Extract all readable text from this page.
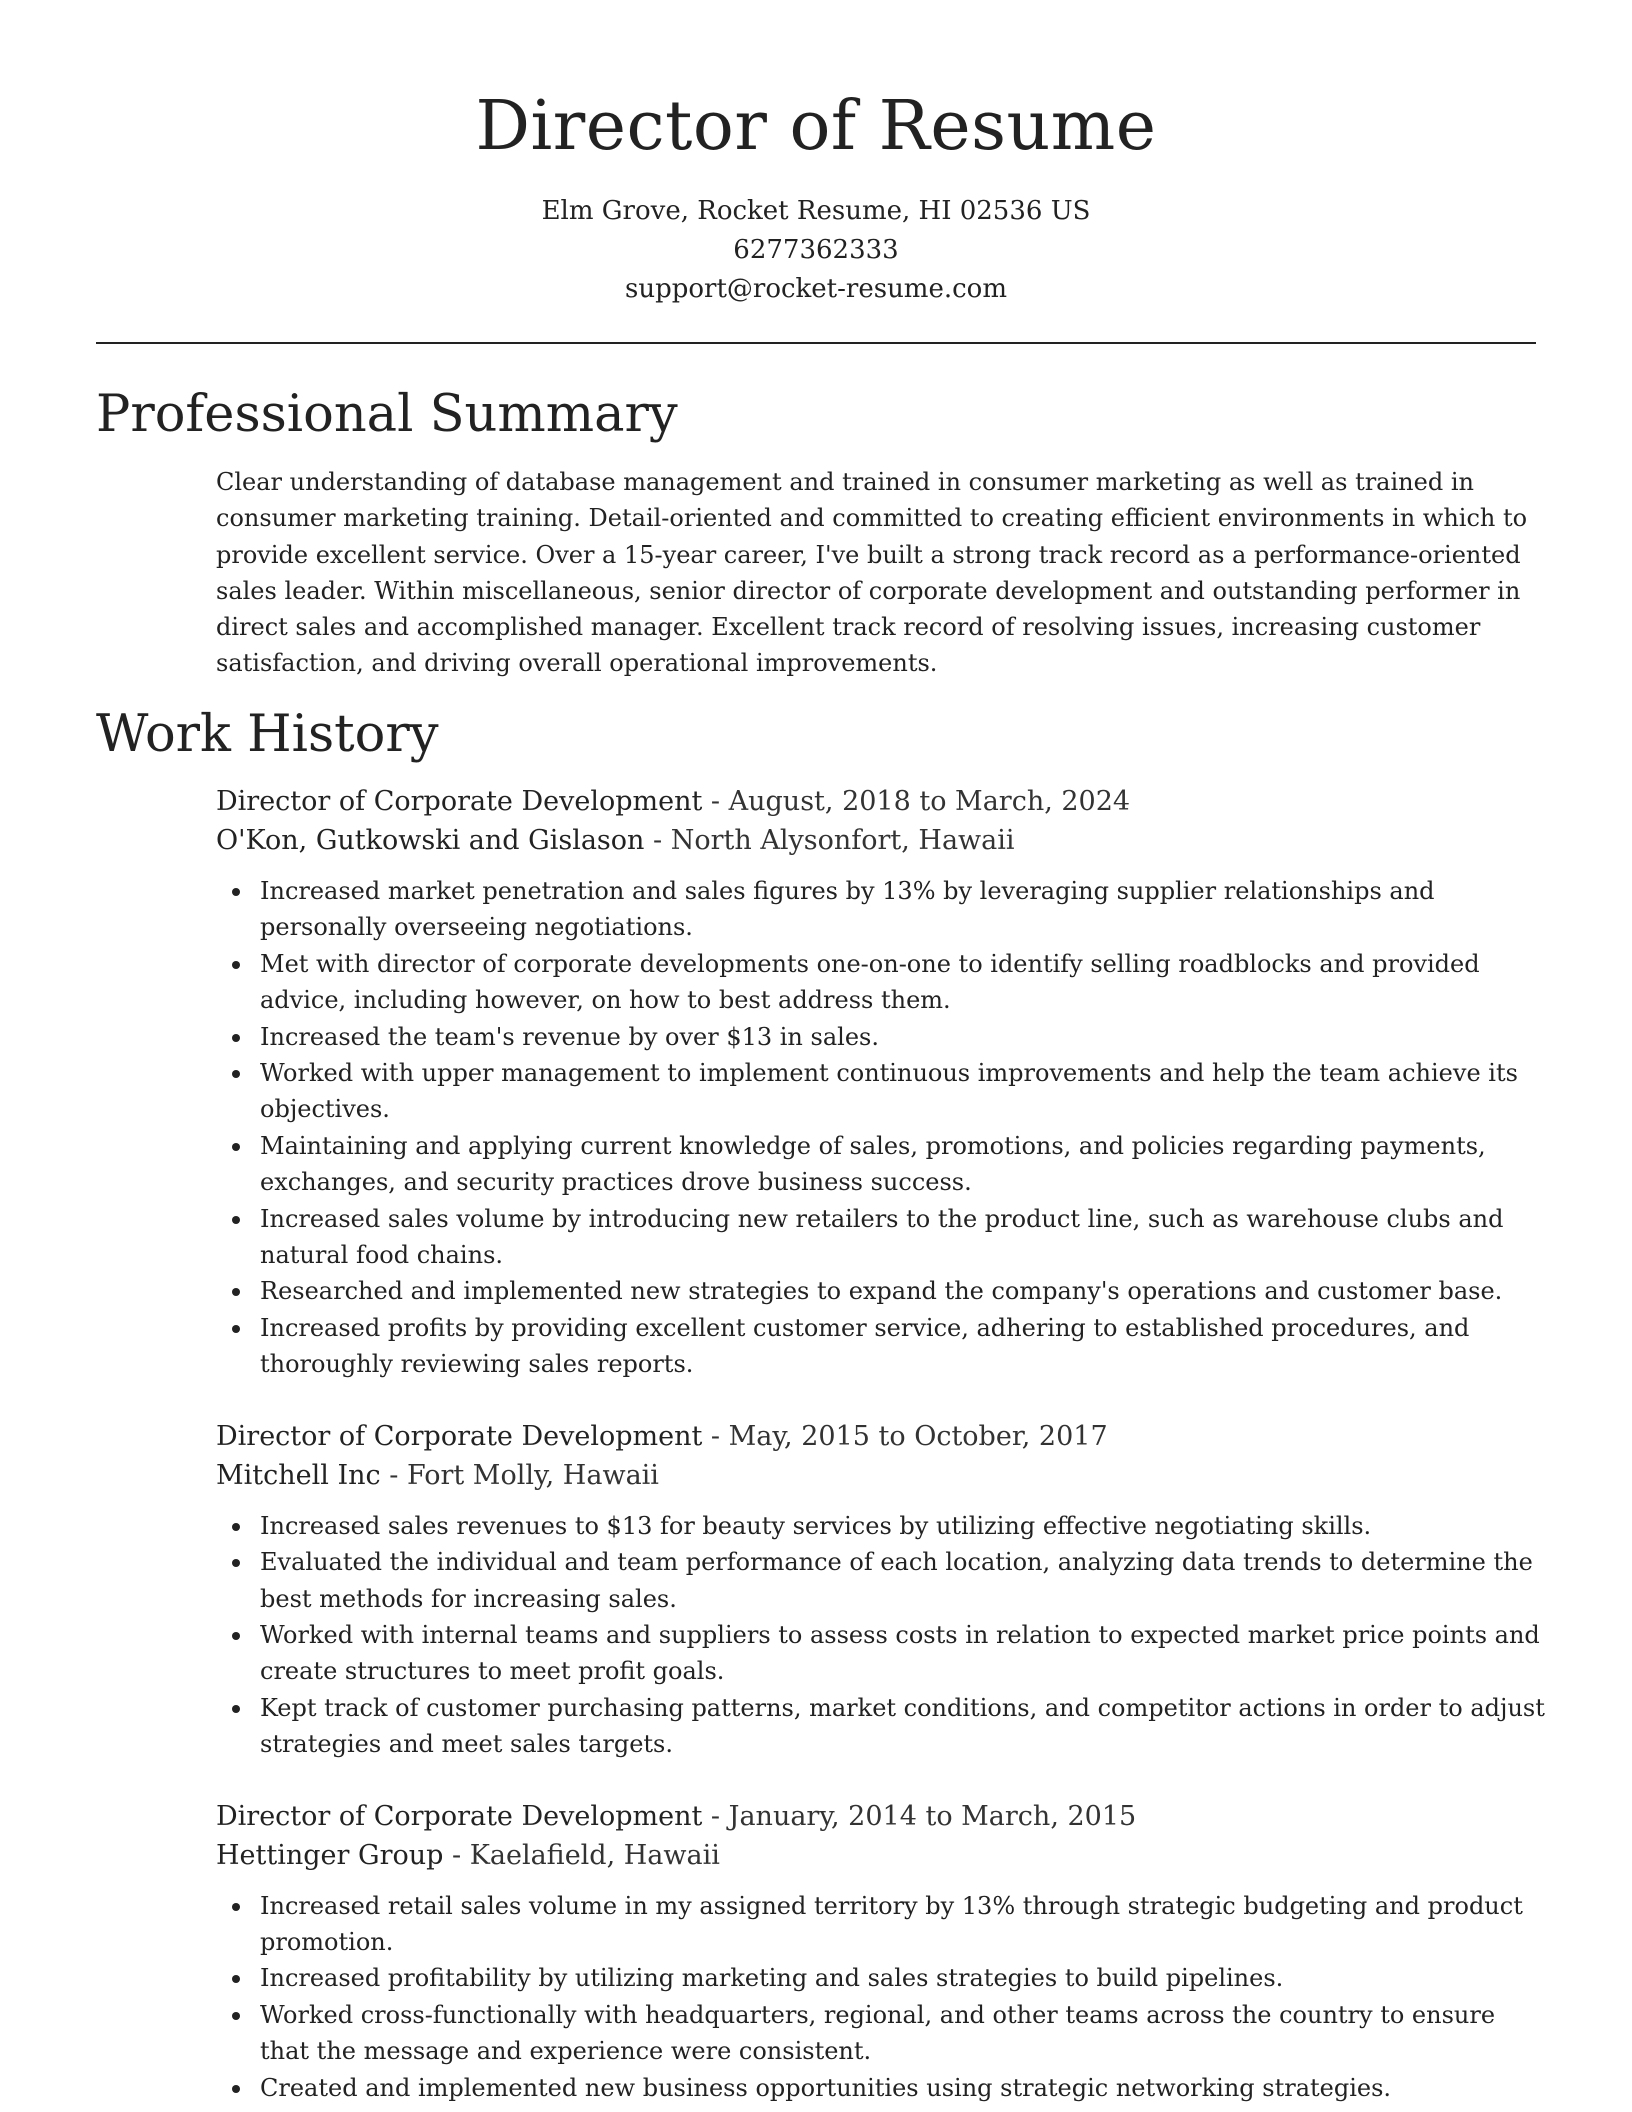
Director of Resume
Elm Grove, Rocket Resume, HI 02536 US
6277362333
support@rocket-resume.com
Professional Summary

Clear understanding of database management and trained in consumer marketing as well as trained in consumer marketing training. Detail-oriented and committed to creating efficient environments in which to provide excellent service. Over a 15-year career, I've built a strong track record as a performance-oriented sales leader. Within miscellaneous, senior director of corporate development and outstanding performer in direct sales and accomplished manager. Excellent track record of resolving issues, increasing customer satisfaction, and driving overall operational improvements.

Work History
Director of Corporate Development - August, 2018 to March, 2024
O'Kon, Gutkowski and Gislason - North Alysonfort, Hawaii
Increased market penetration and sales figures by 13% by leveraging supplier relationships and personally overseeing negotiations.
Met with director of corporate developments one-on-one to identify selling roadblocks and provided advice, including however, on how to best address them.
Increased the team's revenue by over $13 in sales.
Worked with upper management to implement continuous improvements and help the team achieve its objectives.
Maintaining and applying current knowledge of sales, promotions, and policies regarding payments, exchanges, and security practices drove business success.
Increased sales volume by introducing new retailers to the product line, such as warehouse clubs and natural food chains.
Researched and implemented new strategies to expand the company's operations and customer base.
Increased profits by providing excellent customer service, adhering to established procedures, and thoroughly reviewing sales reports.
Director of Corporate Development - May, 2015 to October, 2017
Mitchell Inc - Fort Molly, Hawaii
Increased sales revenues to $13 for beauty services by utilizing effective negotiating skills.
Evaluated the individual and team performance of each location, analyzing data trends to determine the best methods for increasing sales.
Worked with internal teams and suppliers to assess costs in relation to expected market price points and create structures to meet profit goals.
Kept track of customer purchasing patterns, market conditions, and competitor actions in order to adjust strategies and meet sales targets.
Director of Corporate Development - January, 2014 to March, 2015
Hettinger Group - Kaelafield, Hawaii
Increased retail sales volume in my assigned territory by 13% through strategic budgeting and product promotion.
Increased profitability by utilizing marketing and sales strategies to build pipelines.
Worked cross-functionally with headquarters, regional, and other teams across the country to ensure that the message and experience were consistent.
Created and implemented new business opportunities using strategic networking strategies.
